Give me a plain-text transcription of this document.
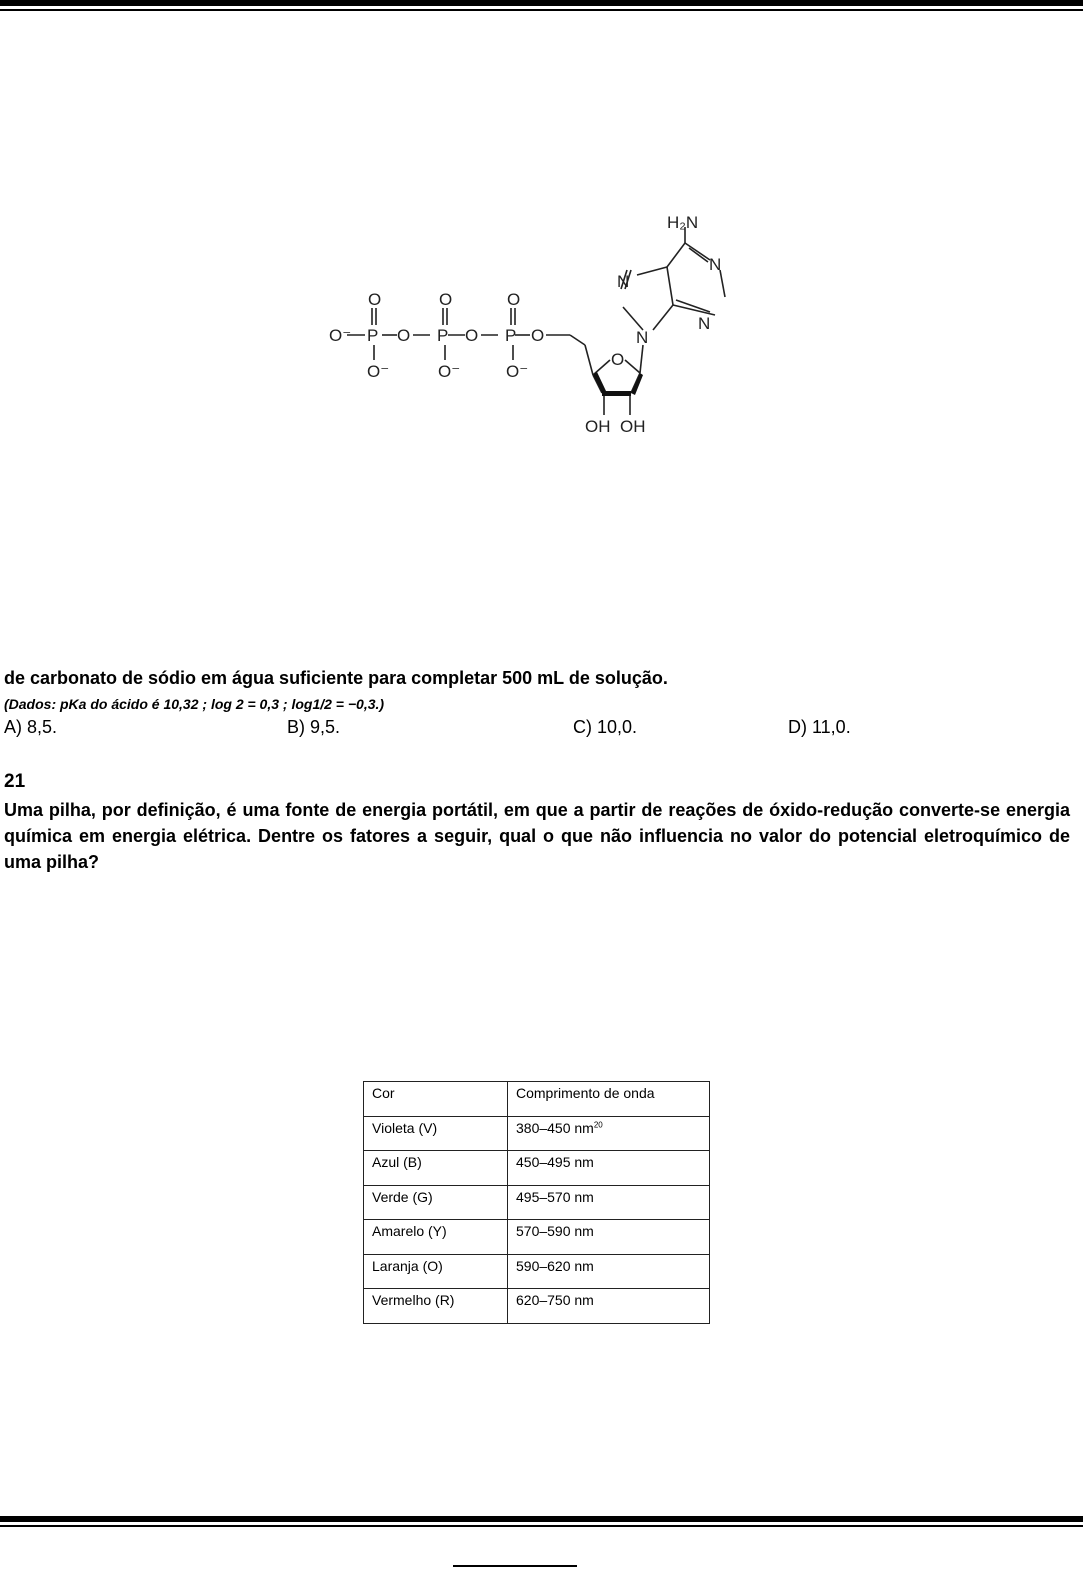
H₂N
N
N
N
N
O
OH OH
O⁻ P O P O P O
O	O	O
O⁻	O⁻	O⁻
de carbonato de sódio em água suficiente para completar 500 mL de solução.
(Dados: pKa do ácido é 10,32 ; log 2 = 0,3 ; log1/2 = −0,3.)
A) 8,5.	B) 9,5.	C) 10,0.	D) 11,0.
21
Uma pilha, por definição, é uma fonte de energia portátil, em que a partir de reações de óxido-redução converte-se energia química em energia elétrica. Dentre os fatores a seguir, qual o que não influencia no valor do potencial eletroquímico de uma pilha?
Cor	Comprimento de onda
Violeta (V)	380–450 $nm^{20}$
Azul (B)	450–495 nm
Verde (G)	495–570 nm
Amarelo (Y)	570–590 nm
Laranja (O)	590–620 nm
Vermelho (R)	620–750 nm
